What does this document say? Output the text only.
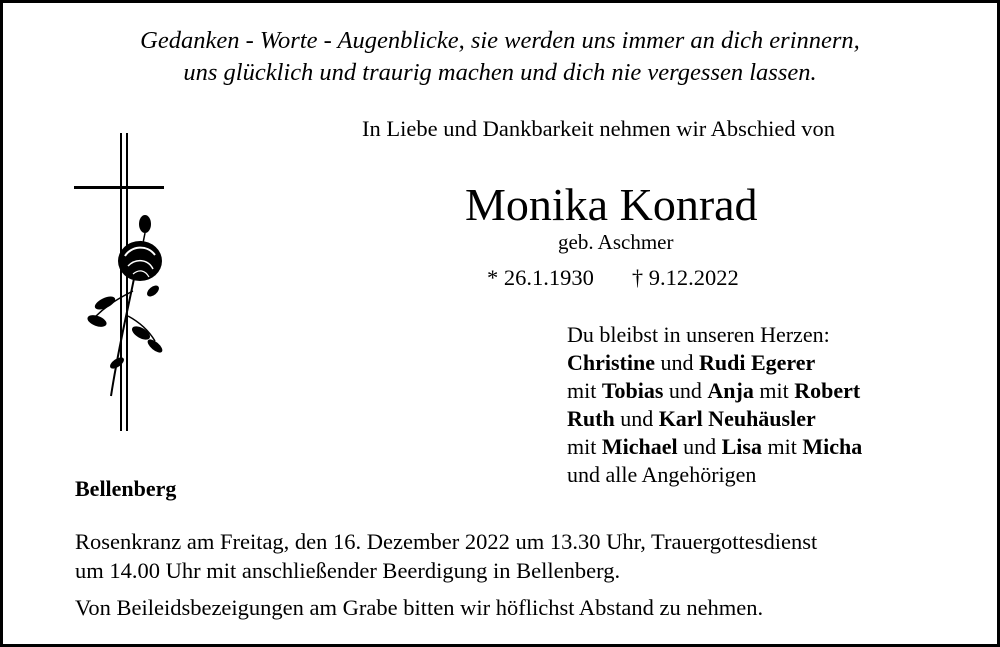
Gedanken - Worte - Augenblicke, sie werden uns immer an dich erinnern,
uns glücklich und traurig machen und dich nie vergessen lassen.
In Liebe und Dankbarkeit nehmen wir Abschied von
Monika Konrad
geb. Aschmer
* 26.1.1930 † 9.12.2022
Du bleibst in unseren Herzen:
Christine und Rudi Egerer
mit Tobias und Anja mit Robert
Ruth und Karl Neuhäusler
mit Michael und Lisa mit Micha
und alle Angehörigen
Bellenberg
Rosenkranz am Freitag, den 16. Dezember 2022 um 13.30 Uhr, Trauergottesdienst
um 14.00 Uhr mit anschließender Beerdigung in Bellenberg.
Von Beileidsbezeigungen am Grabe bitten wir höflichst Abstand zu nehmen.
